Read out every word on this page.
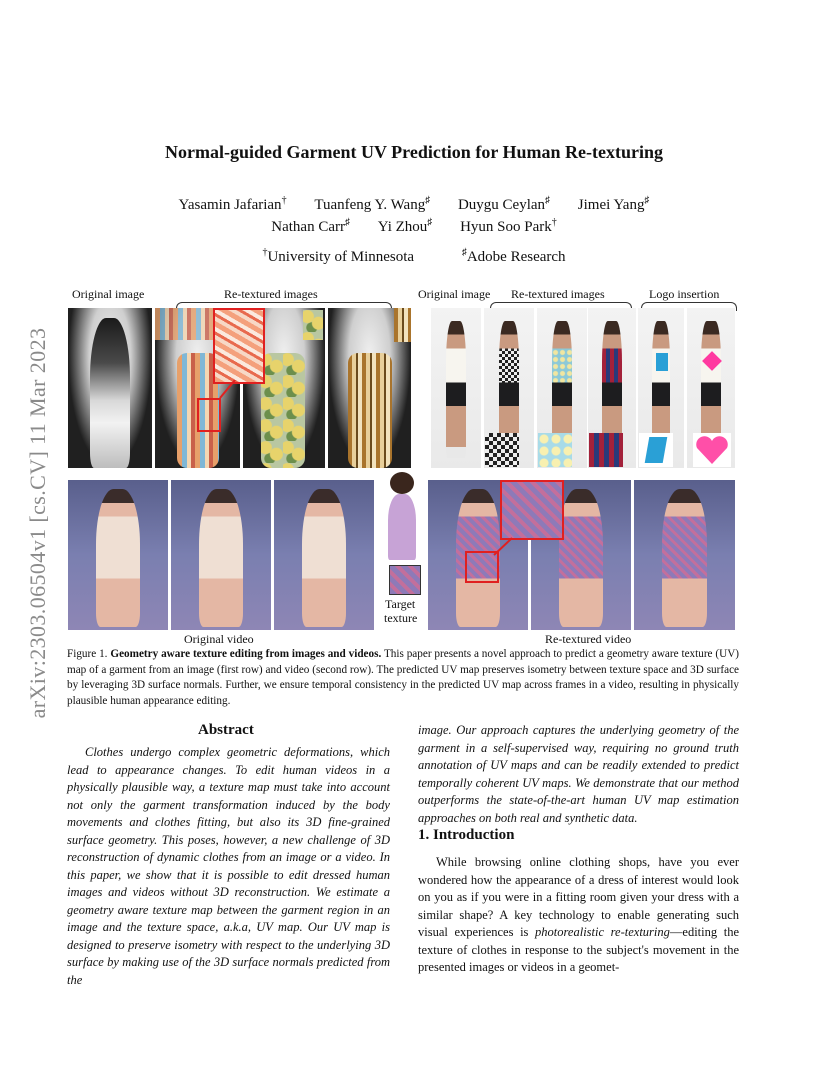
arXiv:2303.06504v1 [cs.CV] 11 Mar 2023
Normal-guided Garment UV Prediction for Human Re-texturing
Yasamin Jafarian† Tuanfeng Y. Wang♯ Duygu Ceylan♯ Jimei Yang♯
Nathan Carr♯ Yi Zhou♯ Hyun Soo Park†
†University of Minnesota	♯Adobe Research
Original image	Re-textured images	Original image Re-textured images	Logo insertion
Target
texture
Original video	Re-textured video
Figure 1. Geometry aware texture editing from images and videos. This paper presents a novel approach to predict a geometry aware texture (UV) map of a garment from an image (first row) and video (second row). The predicted UV map preserves isometry between texture space and 3D surface by leveraging 3D surface normals. Further, we ensure temporal consistency in the predicted UV map across frames in a video, resulting in physically plausible human appearance editing.
Abstract
Clothes undergo complex geometric deformations, which lead to appearance changes. To edit human videos in a physically plausible way, a texture map must take into account not only the garment transformation induced by the body movements and clothes fitting, but also its 3D fine-grained surface geometry. This poses, however, a new challenge of 3D reconstruction of dynamic clothes from an image or a video. In this paper, we show that it is possible to edit dressed human images and videos without 3D reconstruction. We estimate a geometry aware texture map between the garment region in an image and the texture space, a.k.a, UV map. Our UV map is designed to preserve isometry with respect to the underlying 3D surface by making use of the 3D surface normals predicted from the
image. Our approach captures the underlying geometry of the garment in a self-supervised way, requiring no ground truth annotation of UV maps and can be readily extended to predict temporally coherent UV maps. We demonstrate that our method outperforms the state-of-the-art human UV map estimation approaches on both real and synthetic data.
1. Introduction
While browsing online clothing shops, have you ever wondered how the appearance of a dress of interest would look on you as if you were in a fitting room given your dress with a similar shape? A key technology to enable generating such visual experiences is photorealistic re-texturing—editing the texture of clothes in response to the subject's movement in the presented images or videos in a geomet-
